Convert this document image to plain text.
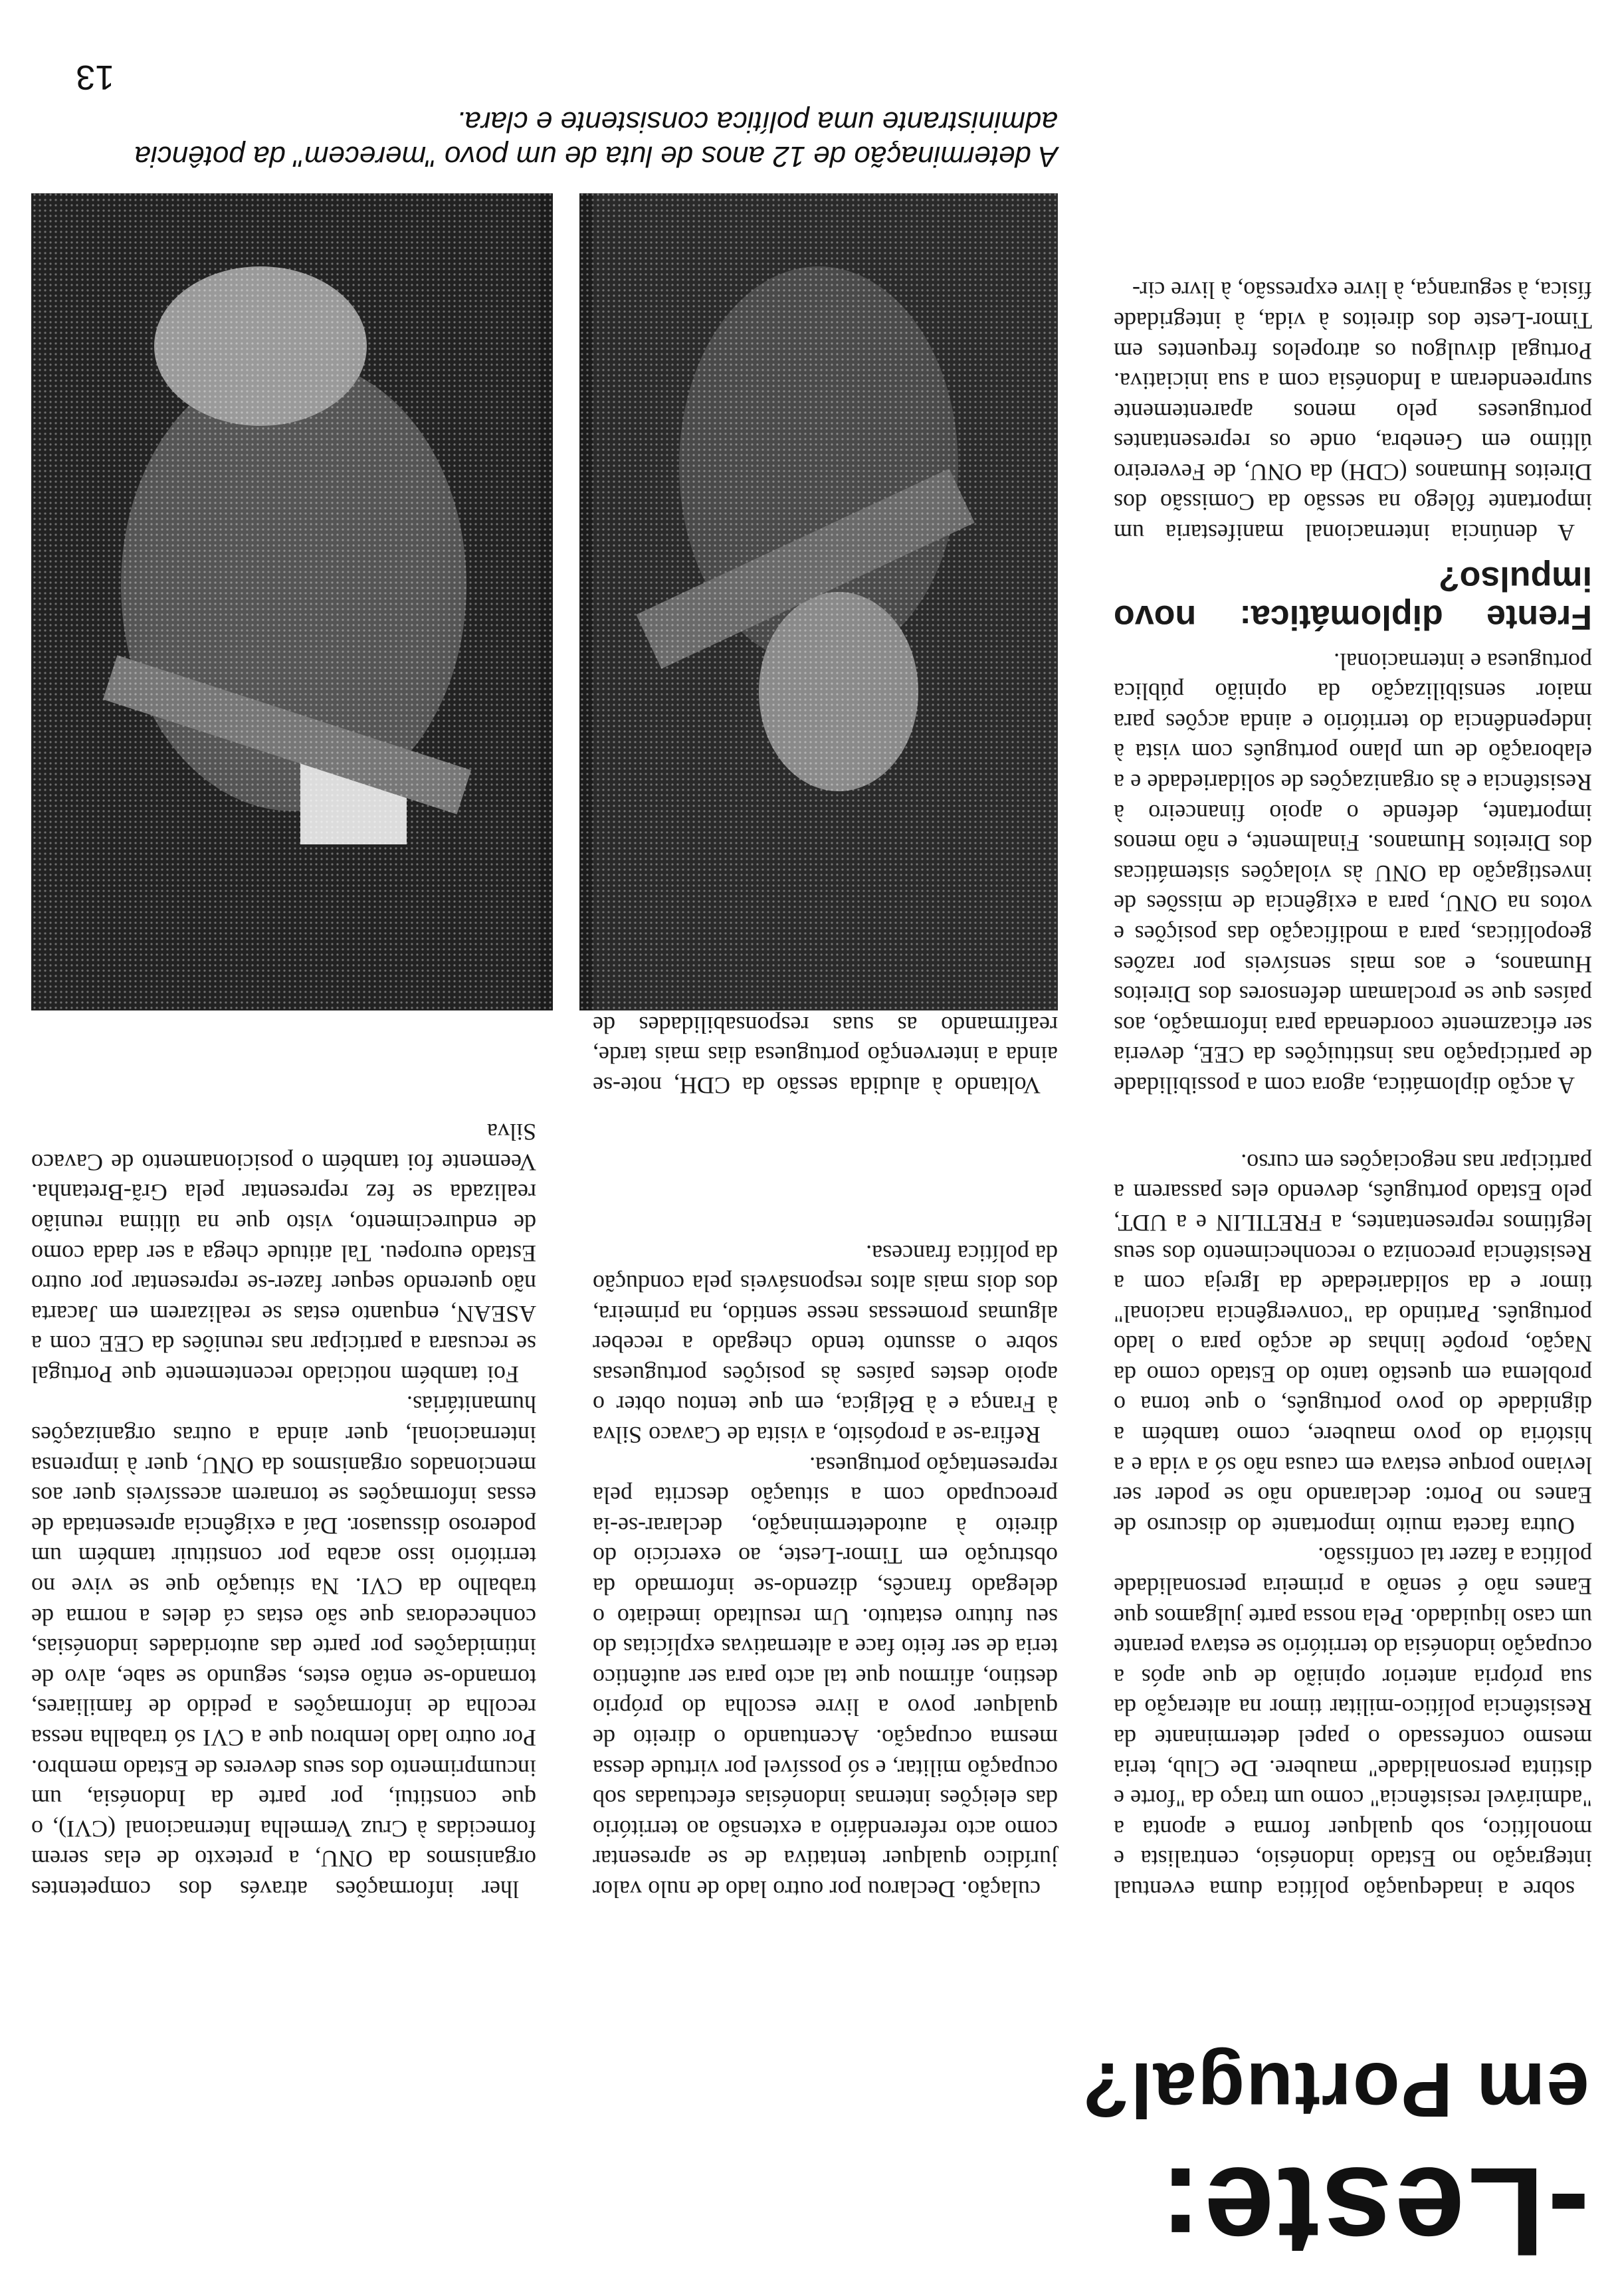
13
-Leste:
em Portugal?

sobre a inadequação política duma eventual integração no Estado indonésio, centralista e monolítico, sob qualquer forma e aponta a "admirável resistência" como um traço da "forte e distinta personalidade" maubere. De Club, teria mesmo confessado o papel determinante da Resistência político-militar timor na alteração da sua própria anterior opinião de que após a ocupação indonésia do território se estava perante um caso liquidado. Pela nossa parte julgamos que Eanes não é senão a primeira personalidade política a fazer tal confissão.

Outra faceta muito importante do discurso de Eanes no Porto: declarando não se poder ser leviano porque estava em causa não só a vida e a história do povo maubere, como também a dignidade do povo português, o que torna o problema em questão tanto do Estado como da Nação, propõe linhas de acção para o lado português. Partindo da "convergência nacional" timor e da solidariedade da Igreja com a Resistência preconiza o reconhecimento dos seus legítimos representantes, a FRETILIN e a UDT, pelo Estado português, devendo eles passarem a participar nas negociações em curso.

culação. Declarou por outro lado de nulo valor jurídico qualquer tentativa de se apresentar como acto referendário a extensão ao território das eleições internas indonésias efectuadas sob ocupação militar, e só possível por virtude dessa mesma ocupação. Acentuando o direito de qualquer povo a livre escolha do próprio destino, afirmou que tal acto para ser autêntico teria de ser feito face a alternativas explícitas do seu futuro estatuto. Um resultado imediato o delegado francês, dizendo-se informado da obstrução em Timor-Leste, ao exercício do direito à autodeterminação, declarar-se-ia preocupado com a situação descrita pela representação portuguesa.

Refira-se a propósito, a visita de Cavaco Silva à França e à Bélgica, em que tentou obter o apoio destes países às posições portuguesas sobre o assunto tendo chegado a receber algumas promessas nesse sentido, na primeira, dos dois mais altos responsáveis pela condução da política francesa.

lher informações através dos competentes organismos da ONU, a pretexto de elas serem fornecidas à Cruz Vermelha Internacional (CVI), o que constitui, por parte da Indonésia, um incumprimento dos seus deveres de Estado membro. Por outro lado lembrou que a CVI só trabalha nessa recolha de informações a pedido de familiares, tornando-se então estes, segundo se sabe, alvo de intimidações por parte das autoridades indonésias, conhecedoras que são estas cá deles a norma de trabalho da CVI. Na situação que se vive no território isso acaba por constituir também um poderoso dissuasor. Daí a exigência apresentada de essas informações se tornarem acessíveis quer aos mencionados organismos da ONU, quer à imprensa internacional, quer ainda a outras organizações humanitárias.

Foi também noticiado recentemente que Portugal se recusara a participar nas reuniões da CEE com a ASEAN, enquanto estas se realizarem em Jacarta não querendo sequer fazer-se representar por outro Estado europeu. Tal atitude chega a ser dada como de endurecimento, visto que na última reunião realizada se fez representar pela Grã-Bretanha. Veemente foi também o posicionamento de Cavaco Silva

A acção diplomática, agora com a possibilidade de participação nas instituições da CEE, deveria ser eficazmente coordenada para informação, aos países que se proclamam defensores dos Direitos Humanos, e aos mais sensíveis por razões geopolíticas, para a modificação das posições e votos na ONU, para a exigência de missões de investigação da ONU às violações sistemáticas dos Direitos Humanos. Finalmente, e não menos importante, defende o apoio financeiro à Resistência e às organizações de solidariedade e a elaboração de um plano português com vista à independência do território e ainda acções para maior sensibilização da opinião pública portuguesa e internacional.

Frente diplomática: novo impulso?

A denúncia internacional manifestaria um importante fôlego na sessão da Comissão dos Direitos Humanos (CDH) da ONU, de Fevereiro último em Genebra, onde os representantes portugueses pelo menos aparentemente surpreenderam a Indonésia com a sua iniciativa. Portugal divulgou os atropelos frequentes em Timor-Leste dos direitos à vida, à integridade física, à segurança, à livre expressão, à livre cir-

Voltando à aludida sessão da CDH, note-se ainda a intervenção portuguesa dias mais tarde, reafirmando as suas responsabilidades de

A determinação de 12 anos de luta de um povo "merecem" da potência administrante uma política consistente e clara.
